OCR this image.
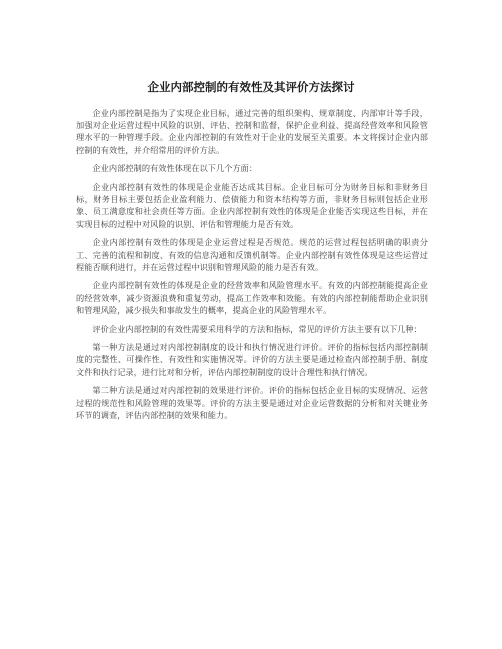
企业内部控制的有效性及其评价方法探讨

企业内部控制是指为了实现企业目标，通过完善的组织架构、规章制度、内部审计等手段，加强对企业运营过程中风险的识别、评估、控制和监督，保护企业利益、提高经营效率和风险管理水平的一种管理手段。企业内部控制的有效性对于企业的发展至关重要。本文将探讨企业内部控制的有效性，并介绍常用的评价方法。

企业内部控制的有效性体现在以下几个方面：

企业内部控制有效性的体现是企业能否达成其目标。企业目标可分为财务目标和非财务目标，财务目标主要包括企业盈利能力、偿债能力和资本结构等方面，非财务目标则包括企业形象、员工满意度和社会责任等方面。企业内部控制有效性的体现是企业能否实现这些目标，并在实现目标的过程中对风险的识别、评估和管理能力是否有效。

企业内部控制有效性的体现是企业运营过程是否规范。规范的运营过程包括明确的职责分工、完善的流程和制度、有效的信息沟通和反馈机制等。企业内部控制有效性体现是这些运营过程能否顺利进行，并在运营过程中识别和管理风险的能力是否有效。

企业内部控制有效性的体现是企业的经营效率和风险管理水平。有效的内部控制能提高企业的经营效率，减少资源浪费和重复劳动，提高工作效率和效能。有效的内部控制能帮助企业识别和管理风险，减少损失和事故发生的概率，提高企业的风险管理水平。

评价企业内部控制的有效性需要采用科学的方法和指标，常见的评价方法主要有以下几种：

第一种方法是通过对内部控制制度的设计和执行情况进行评价。评价的指标包括内部控制制度的完整性、可操作性、有效性和实施情况等。评价的方法主要是通过检查内部控制手册、制度文件和执行记录，进行比对和分析，评估内部控制制度的设计合理性和执行情况。

第二种方法是通过对内部控制的效果进行评价。评价的指标包括企业目标的实现情况、运营过程的规范性和风险管理的效果等。评价的方法主要是通过对企业运营数据的分析和对关键业务环节的调查，评估内部控制的效果和能力。
